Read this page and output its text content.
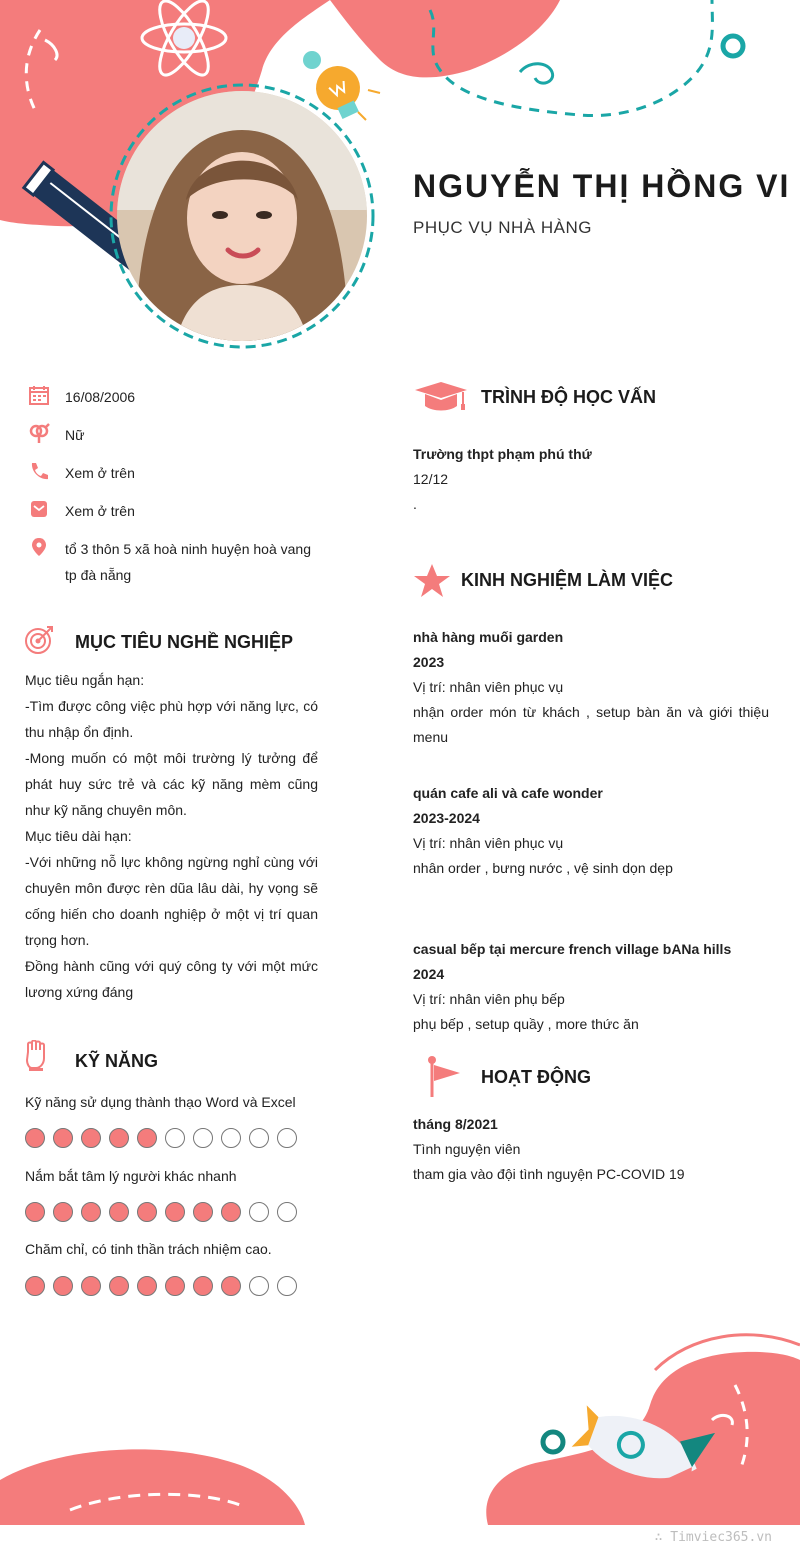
NGUYỄN THỊ HỒNG VI
PHỤC VỤ NHÀ HÀNG
16/08/2006
Nữ
Xem ở trên
Xem ở trên
tổ 3 thôn 5 xã hoà ninh huyện hoà vang tp đà nẵng
MỤC TIÊU NGHỀ NGHIỆP

Mục tiêu ngắn hạn:

-Tìm được công việc phù hợp với năng lực, có thu nhập ổn định.

-Mong muốn có một môi trường lý tưởng để phát huy sức trẻ và các kỹ năng mèm cũng như kỹ năng chuyên môn.

Mục tiêu dài hạn:

-Với những nỗ lực không ngừng nghỉ cùng với chuyên môn được rèn dũa lâu dài, hy vọng sẽ cống hiến cho doanh nghiệp ở một vị trí quan trọng hơn.

Đồng hành cũng với quý công ty với một mức lương xứng đáng

KỸ NĂNG
Kỹ năng sử dụng thành thạo Word và Excel
Nắm bắt tâm lý người khác nhanh
Chăm chỉ, có tinh thần trách nhiệm cao.
TRÌNH ĐỘ HỌC VẤN
Trường thpt phạm phú thứ
12/12
.
KINH NGHIỆM LÀM VIỆC
nhà hàng muối garden
2023
Vị trí: nhân viên phục vụ
nhận order món từ khách , setup bàn ăn và giới thiệu menu
quán cafe ali và cafe wonder
2023-2024
Vị trí: nhân viên phục vụ
nhân order , bưng nước , vệ sinh dọn dẹp
casual bếp tại mercure french village bANa hills
2024
Vị trí: nhân viên phụ bếp
phụ bếp , setup quầy , more thức ăn
HOẠT ĐỘNG
tháng 8/2021
Tình nguyện viên
tham gia vào đội tình nguyện PC-COVID 19
∴ Timviec365.vn
